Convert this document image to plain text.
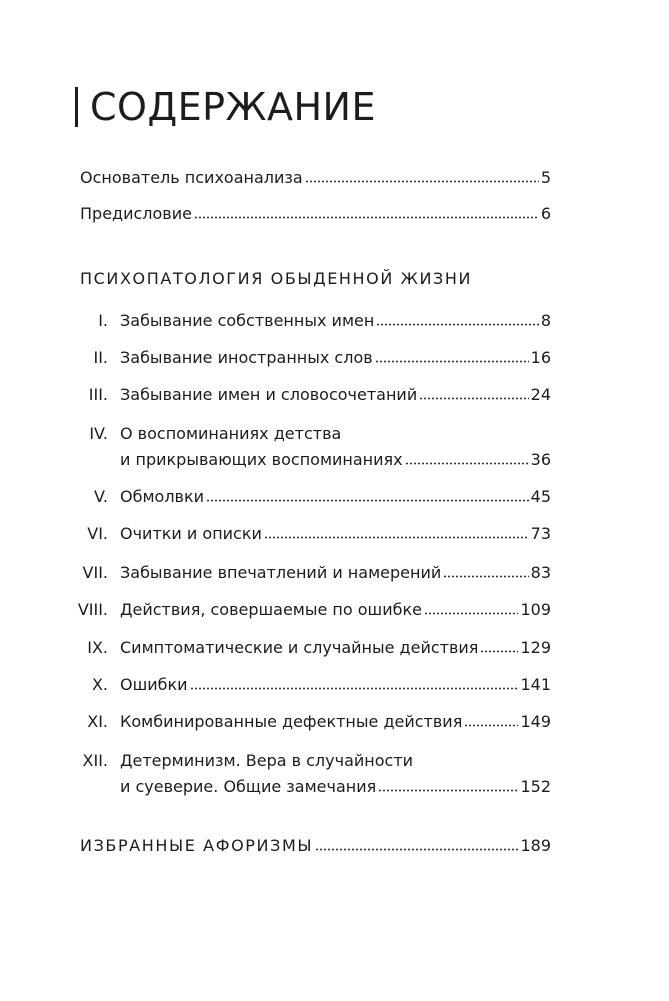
СОДЕРЖАНИЕ
Основатель психоанализа	5
Предисловие	6
ПСИХОПАТОЛОГИЯ ОБЫДЕННОЙ ЖИЗНИ
I. Забывание собственных имен	8
II. Забывание иностранных слов	16
III. Забывание имен и словосочетаний	24
IV. О воспоминаниях детства
и прикрывающих воспоминаниях	36
V. Обмолвки	45
VI. Очитки и описки	73
VII. Забывание впечатлений и намерений	83
VIII. Действия, совершаемые по ошибке	109
IX. Симптоматические и случайные действия	129
X. Ошибки	141
XI. Комбинированные дефектные действия	149
XII. Детерминизм. Вера в случайности
и суеверие. Общие замечания	152
ИЗБРАННЫЕ АФОРИЗМЫ	189
